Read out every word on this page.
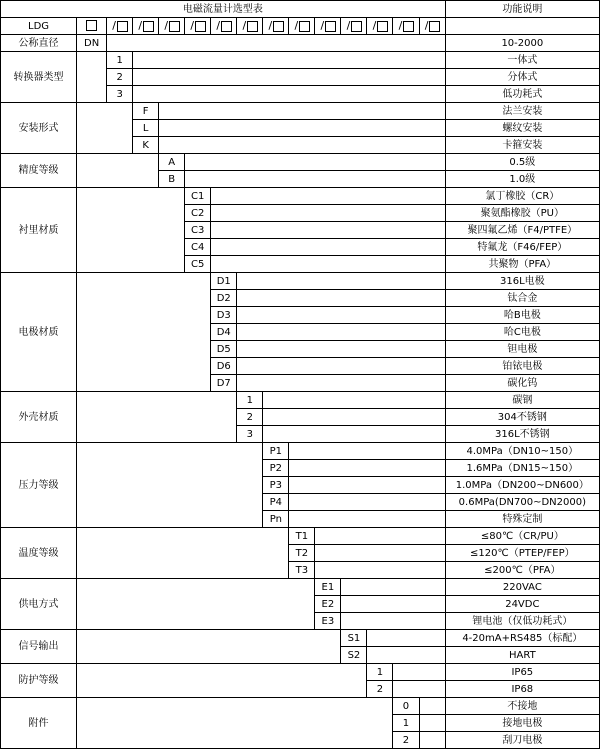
电磁流量计选型表															功能说明
LDG		/	/	/	/	/	/	/	/	/	/	/	/	/	
公称直径	DN														10-2000
转换器类型		1													一体式
		2													分体式
		3													低功耗式
安装形式			F												法兰安装
			L												螺纹安装
			K												卡箍安装
精度等级				A											0.5级
				B											1.0级
衬里材质					C1										氯丁橡胶（CR）
					C2										聚氨酯橡胶（PU）
					C3										聚四氟乙烯（F4/PTFE）
					C4										特氟龙（F46/FEP）
					C5										共聚物（PFA）
电极材质						D1									316L电极
						D2									钛合金
						D3									哈B电极
						D4									哈C电极
						D5									钽电极
						D6									铂铱电极
						D7									碳化钨
外壳材质							1								碳钢
							2								304不锈钢
							3								316L不锈钢
压力等级								P1							4.0MPa（DN10~150）
								P2							1.6MPa（DN15~150）
								P3							1.0MPa（DN200~DN600）
								P4							0.6MPa(DN700~DN2000)
								Pn							特殊定制
温度等级									T1						≤80℃（CR/PU）
									T2						≤120℃（PTEP/FEP）
									T3						≤200℃（PFA）
供电方式										E1					220VAC
										E2					24VDC
										E3					锂电池（仅低功耗式）
信号输出											S1				4-20mA+RS485（标配）
											S2				HART
防护等级												1			IP65
												2			IP68
附件													0		不接地
													1		接地电极
													2		刮刀电极
